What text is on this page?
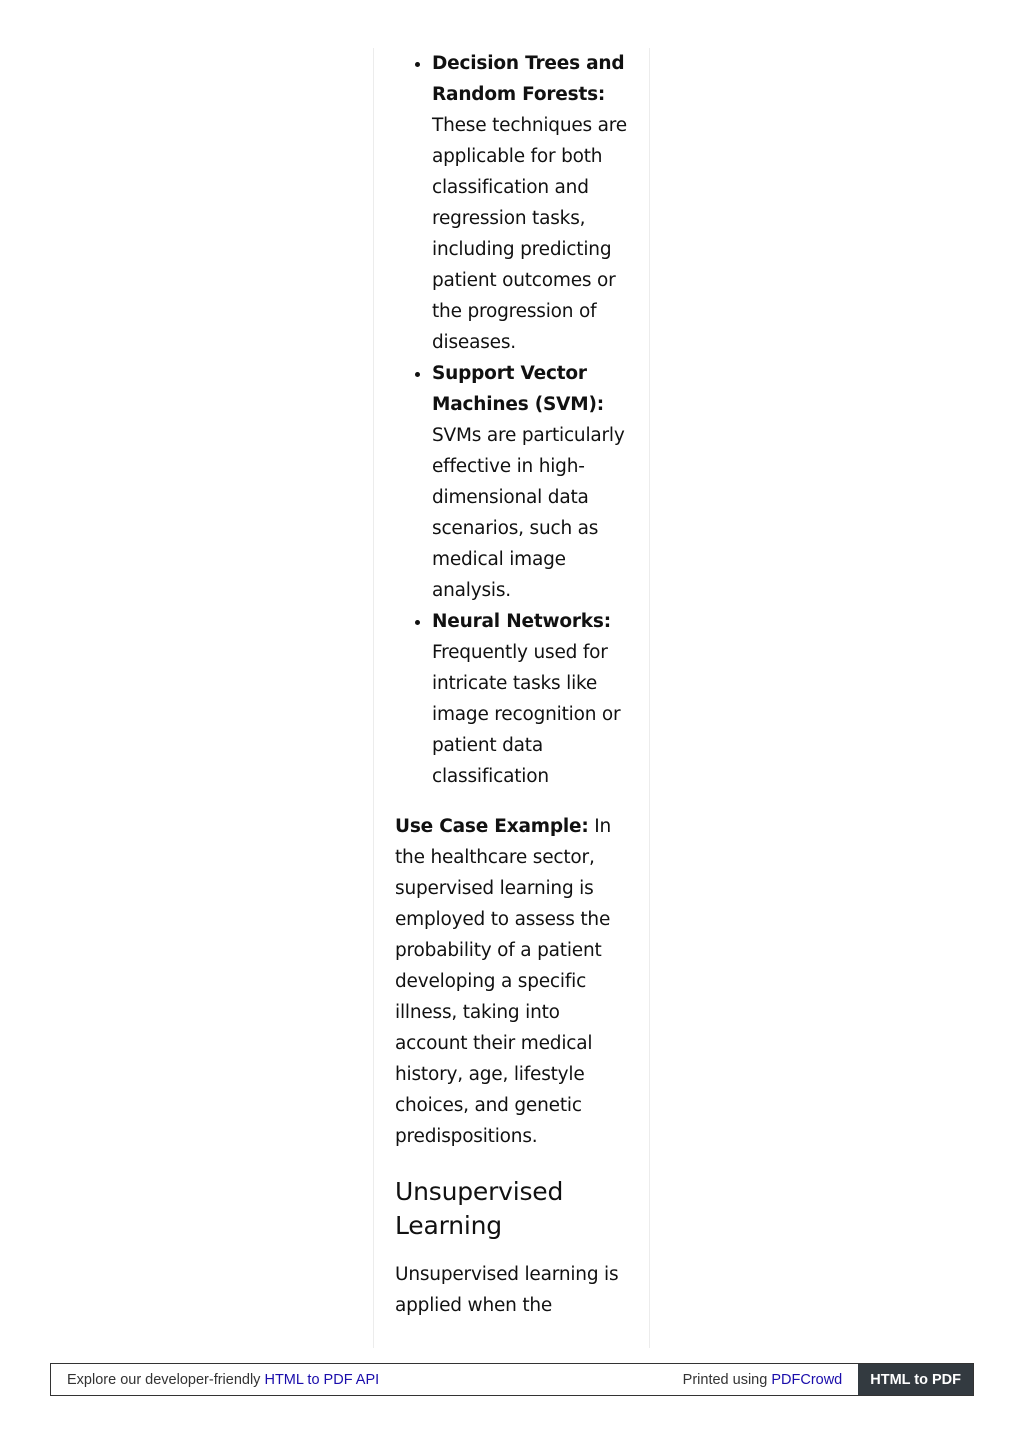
• Decision Trees and Random Forests: These techniques are applicable for both classification and regression tasks, including predicting patient outcomes or the progression of diseases.
• Support Vector Machines (SVM): SVMs are particularly effective in high-dimensional data scenarios, such as medical image analysis.
• Neural Networks: Frequently used for intricate tasks like image recognition or patient data classification

Use Case Example: In the healthcare sector, supervised learning is employed to assess the probability of a patient developing a specific illness, taking into account their medical history, age, lifestyle choices, and genetic predispositions.

Unsupervised Learning

Unsupervised learning is applied when the

Explore our developer-friendly HTML to PDF API	Printed using PDFCrowd	HTML to PDF
